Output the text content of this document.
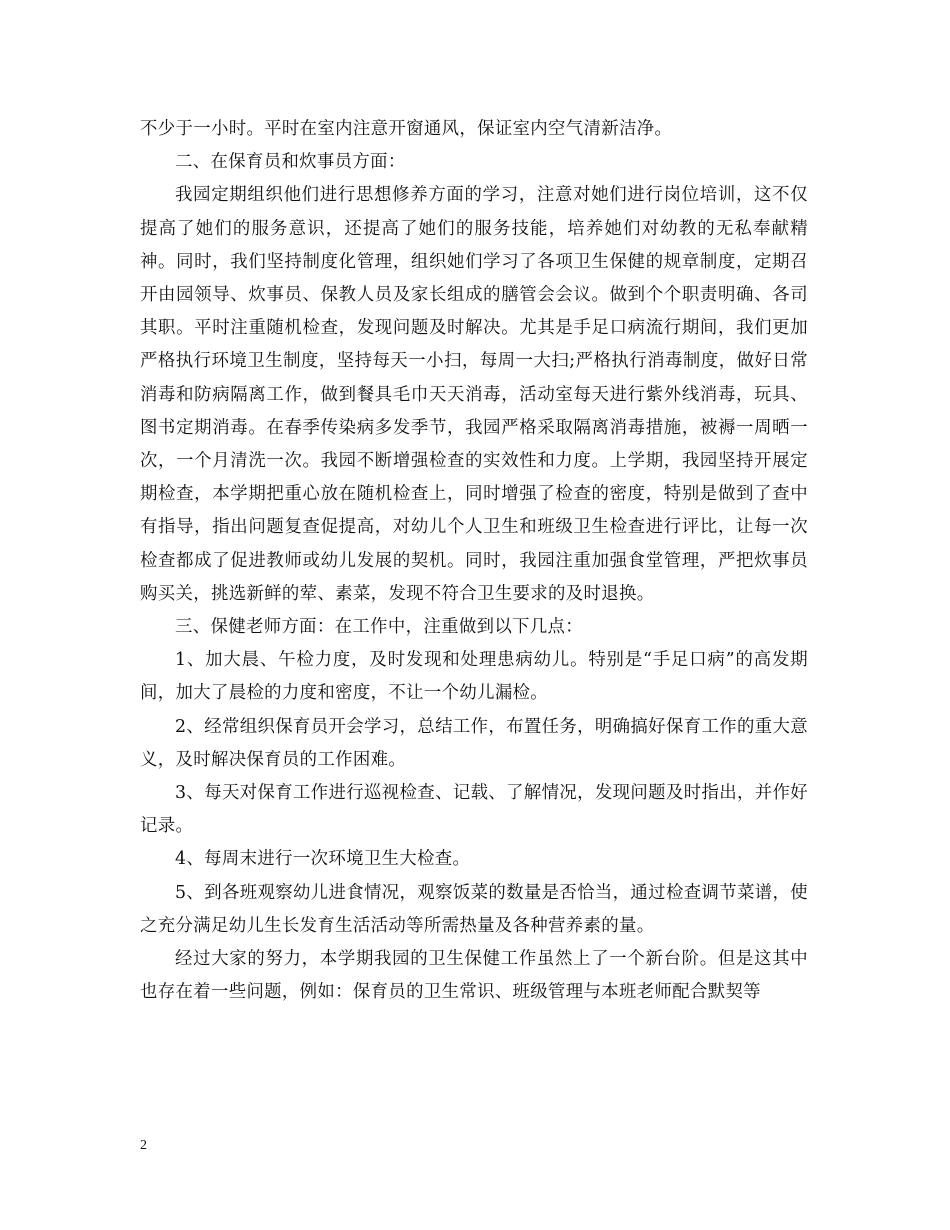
不少于一小时。平时在室内注意开窗通风，保证室内空气清新洁净。

二、在保育员和炊事员方面：

我园定期组织他们进行思想修养方面的学习，注意对她们进行岗位培训，这不仅提高了她们的服务意识，还提高了她们的服务技能，培养她们对幼教的无私奉献精神。同时，我们坚持制度化管理，组织她们学习了各项卫生保健的规章制度，定期召开由园领导、炊事员、保教人员及家长组成的膳管会会议。做到个个职责明确、各司其职。平时注重随机检查，发现问题及时解决。尤其是手足口病流行期间，我们更加严格执行环境卫生制度，坚持每天一小扫，每周一大扫;严格执行消毒制度，做好日常消毒和防病隔离工作，做到餐具毛巾天天消毒，活动室每天进行紫外线消毒，玩具、图书定期消毒。在春季传染病多发季节，我园严格采取隔离消毒措施，被褥一周晒一次，一个月清洗一次。我园不断增强检查的实效性和力度。上学期，我园坚持开展定期检查，本学期把重心放在随机检查上，同时增强了检查的密度，特别是做到了查中有指导，指出问题复查促提高，对幼儿个人卫生和班级卫生检查进行评比，让每一次检查都成了促进教师或幼儿发展的契机。同时，我园注重加强食堂管理，严把炊事员购买关，挑选新鲜的荤、素菜，发现不符合卫生要求的及时退换。

三、保健老师方面：在工作中，注重做到以下几点：

1、加大晨、午检力度，及时发现和处理患病幼儿。特别是“手足口病”的高发期间，加大了晨检的力度和密度，不让一个幼儿漏检。

2、经常组织保育员开会学习，总结工作，布置任务，明确搞好保育工作的重大意义，及时解决保育员的工作困难。

3、每天对保育工作进行巡视检查、记载、了解情况，发现问题及时指出，并作好记录。

4、每周末进行一次环境卫生大检查。

5、到各班观察幼儿进食情况，观察饭菜的数量是否恰当，通过检查调节菜谱，使之充分满足幼儿生长发育生活活动等所需热量及各种营养素的量。

经过大家的努力，本学期我园的卫生保健工作虽然上了一个新台阶。但是这其中也存在着一些问题，例如：保育员的卫生常识、班级管理与本班老师配合默契等

2
